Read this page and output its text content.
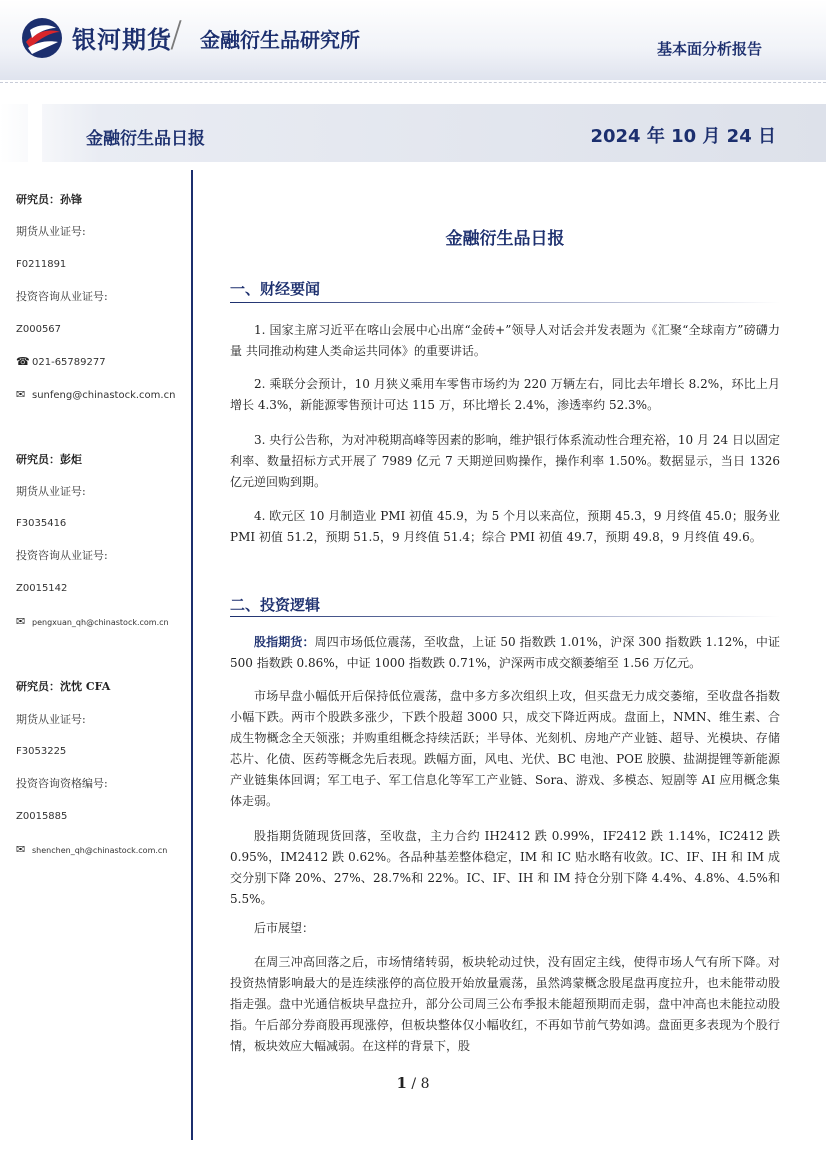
银河期货
/ 金融衍生品研究所	基本面分析报告
金融衍生品日报	2024 年 10 月 24 日
研究员：孙锋
期货从业证号:
F0211891
投资咨询从业证号:
Z000567
☎ 021-65789277
✉ sunfeng@chinastock.com.cn
研究员：彭炬
期货从业证号:
F3035416
投资咨询从业证号:
Z0015142
✉ pengxuan_qh@chinastock.com.cn
研究员：沈忱 CFA
期货从业证号:
F3053225
投资咨询资格编号:
Z0015885
✉ shenchen_qh@chinastock.com.cn
金融衍生品日报
一、财经要闻

1. 国家主席习近平在喀山会展中心出席“金砖+”领导人对话会并发表题为《汇聚“全球南方”磅礴力量 共同推动构建人类命运共同体》的重要讲话。

2. 乘联分会预计，10 月狭义乘用车零售市场约为 220 万辆左右，同比去年增长 8.2%，环比上月增长 4.3%，新能源零售预计可达 115 万，环比增长 2.4%，渗透率约 52.3%。

3. 央行公告称，为对冲税期高峰等因素的影响，维护银行体系流动性合理充裕，10 月 24 日以固定利率、数量招标方式开展了 7989 亿元 7 天期逆回购操作，操作利率 1.50%。数据显示，当日 1326 亿元逆回购到期。

4. 欧元区 10 月制造业 PMI 初值 45.9，为 5 个月以来高位，预期 45.3，9 月终值 45.0；服务业 PMI 初值 51.2，预期 51.5，9 月终值 51.4；综合 PMI 初值 49.7，预期 49.8，9 月终值 49.6。

二、投资逻辑

股指期货：周四市场低位震荡，至收盘，上证 50 指数跌 1.01%，沪深 300 指数跌 1.12%，中证 500 指数跌 0.86%，中证 1000 指数跌 0.71%，沪深两市成交额萎缩至 1.56 万亿元。

市场早盘小幅低开后保持低位震荡，盘中多方多次组织上攻，但买盘无力成交萎缩，至收盘各指数小幅下跌。两市个股跌多涨少，下跌个股超 3000 只，成交下降近两成。盘面上，NMN、维生素、合成生物概念全天领涨；并购重组概念持续活跃；半导体、光刻机、房地产产业链、超导、光模块、存储芯片、化债、医药等概念先后表现。跌幅方面，风电、光伏、BC 电池、POE 胶膜、盐湖提锂等新能源产业链集体回调；军工电子、军工信息化等军工产业链、Sora、游戏、多模态、短剧等 AI 应用概念集体走弱。

股指期货随现货回落，至收盘，主力合约 IH2412 跌 0.99%，IF2412 跌 1.14%，IC2412 跌 0.95%，IM2412 跌 0.62%。各品种基差整体稳定，IM 和 IC 贴水略有收敛。IC、IF、IH 和 IM 成交分别下降 20%、27%、28.7%和 22%。IC、IF、IH 和 IM 持仓分别下降 4.4%、4.8%、4.5%和 5.5%。

后市展望：

在周三冲高回落之后，市场情绪转弱，板块轮动过快，没有固定主线，使得市场人气有所下降。对投资热情影响最大的是连续涨停的高位股开始放量震荡，虽然鸿蒙概念股尾盘再度拉升，也未能带动股指走强。盘中光通信板块早盘拉升，部分公司周三公布季报未能超预期而走弱，盘中冲高也未能拉动股指。午后部分券商股再现涨停，但板块整体仅小幅收红，不再如节前气势如鸿。盘面更多表现为个股行情，板块效应大幅减弱。在这样的背景下，股

1 / 8
